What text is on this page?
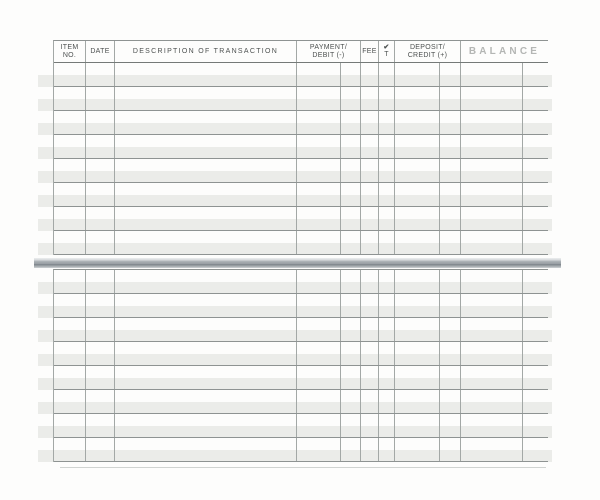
ITEM
NO.
DATE	DESCRIPTION OF TRANSACTION
PAYMENT/
DEBIT (-)
FEE
✔
T
DEPOSIT/
CREDIT (+) BALANCE
